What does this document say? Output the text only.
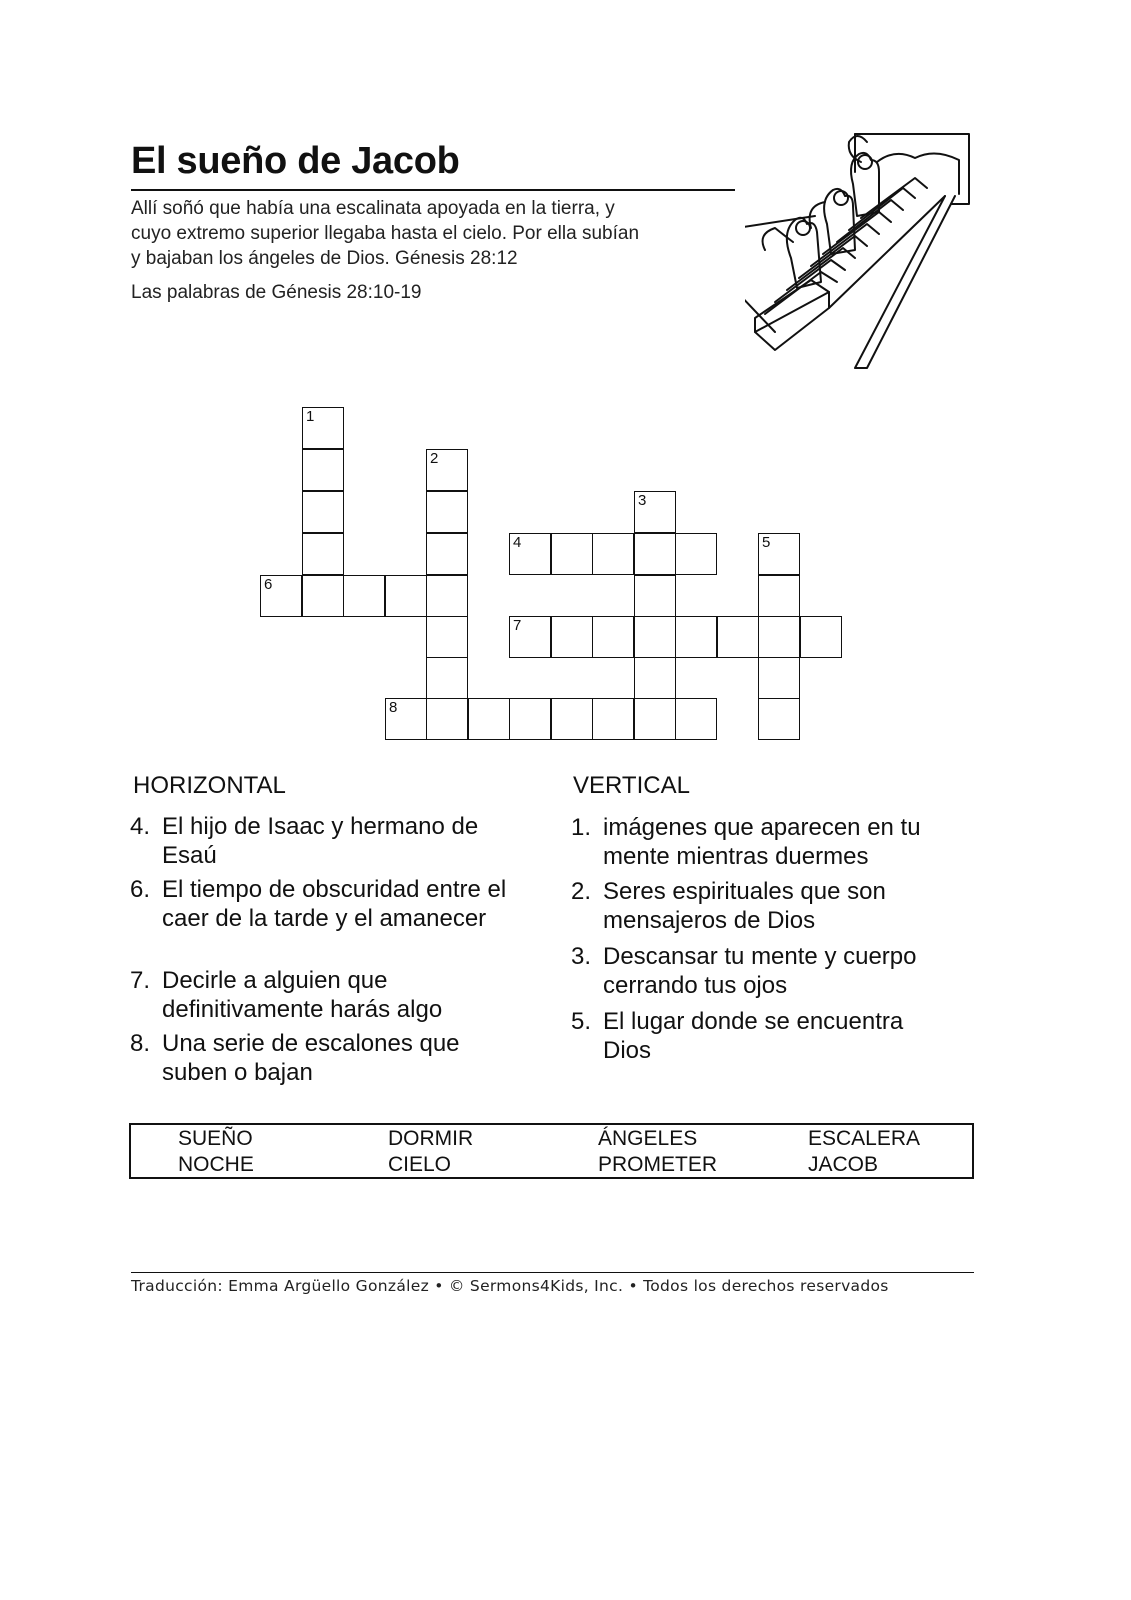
El sueño de Jacob

Allí soñó que había una escalinata apoyada en la tierra, y
cuyo extremo superior llegaba hasta el cielo. Por ella subían
y bajaban los ángeles de Dios. Génesis 28:12

Las palabras de Génesis 28:10-19

1
6
2
4
3
5
7
8
HORIZONTAL
4. El hijo de Isaac y hermano de
Esaú
6. El tiempo de obscuridad entre el
caer de la tarde y el amanecer
7. Decirle a alguien que
definitivamente harás algo
8. Una serie de escalones que
suben o bajan
VERTICAL
1. imágenes que aparecen en tu
mente mientras duermes
2. Seres espirituales que son
mensajeros de Dios
3. Descansar tu mente y cuerpo
cerrando tus ojos
5. El lugar donde se encuentra
Dios
SUEÑO	DORMIR	ÁNGELES	ESCALERA
NOCHE	CIELO	PROMETER	JACOB

Traducción: Emma Argüello González • © Sermons4Kids, Inc. • Todos los derechos reservados
